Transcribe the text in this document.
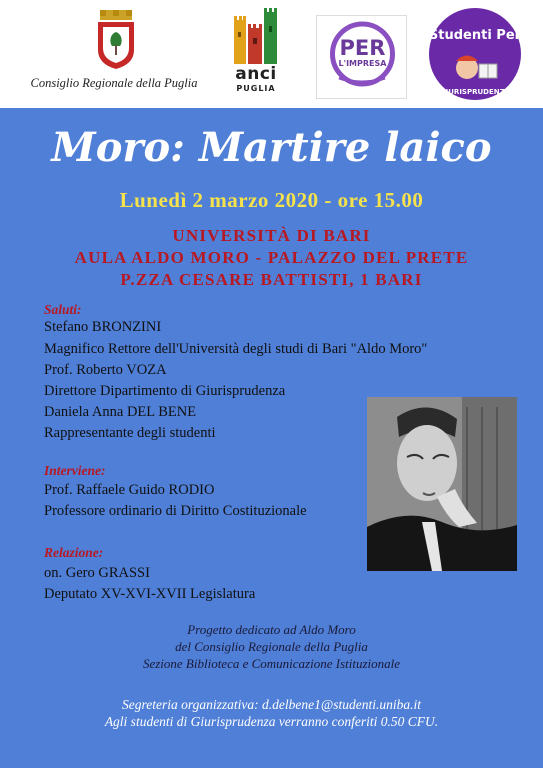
Consiglio Regionale della Puglia	anci
PUGLIA
PER
L'IMPRESA
Studenti Per
GIURISPRUDENZA
Moro: Martire laico
Lunedì 2 marzo 2020 - ore 15.00
UNIVERSITÀ DI BARI
AULA ALDO MORO - PALAZZO DEL PRETE
P.ZZA CESARE BATTISTI, 1 BARI
Saluti:
Stefano BRONZINI
Magnifico Rettore dell'Università degli studi di Bari "Aldo Moro"
Prof. Roberto VOZA
Direttore Dipartimento di Giurisprudenza
Daniela Anna DEL BENE
Rappresentante degli studenti
Interviene:
Prof. Raffaele Guido RODIO
Professore ordinario di Diritto Costituzionale
Relazione:
on. Gero GRASSI
Deputato XV-XVI-XVII Legislatura
Progetto dedicato ad Aldo Moro
del Consiglio Regionale della Puglia
Sezione Biblioteca e Comunicazione Istituzionale
Segreteria organizzativa: d.delbene1@studenti.uniba.it
Agli studenti di Giurisprudenza verranno conferiti 0.50 CFU.
